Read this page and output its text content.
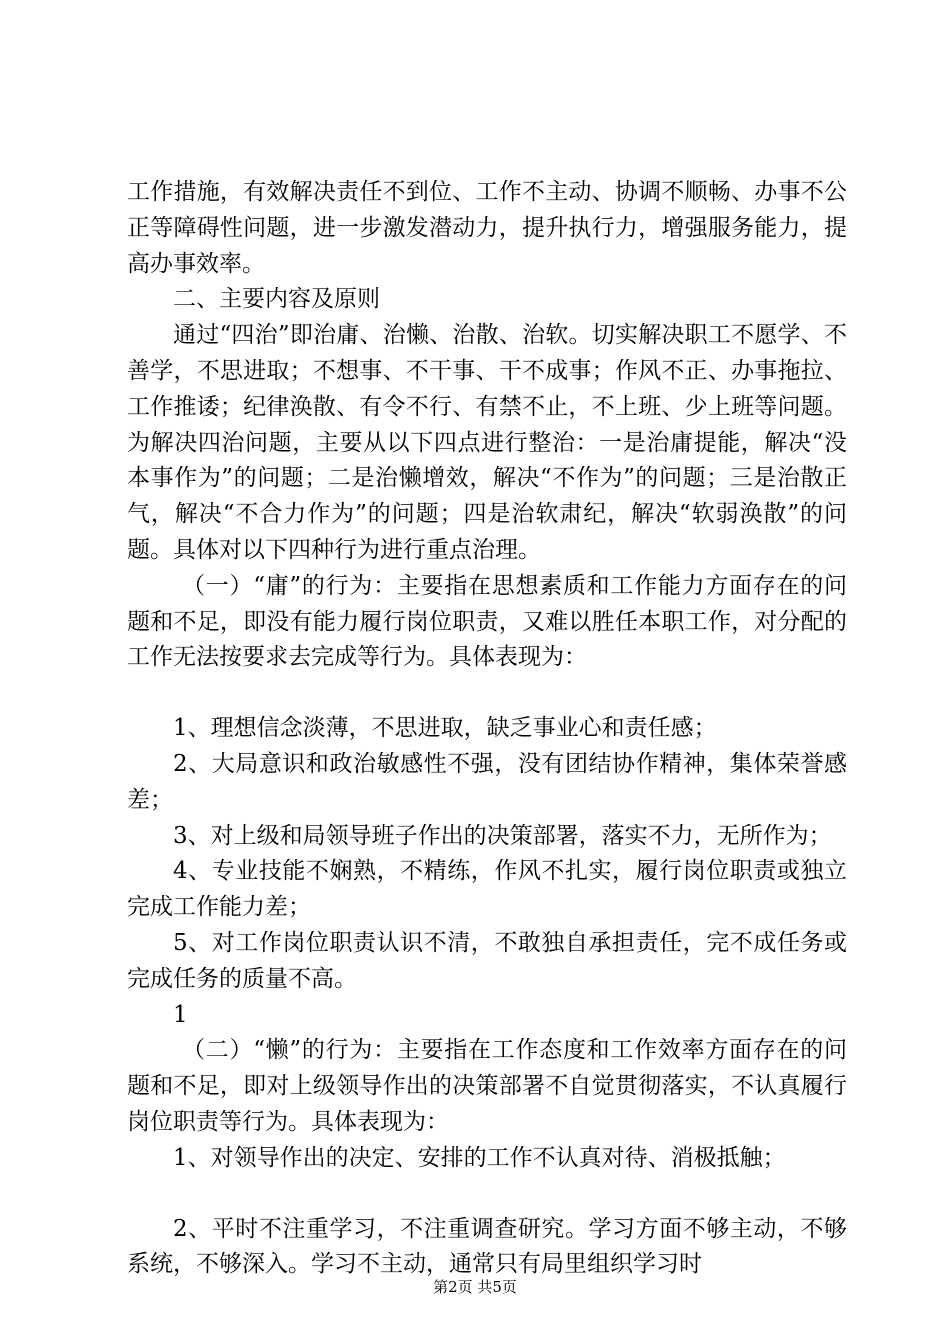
工作措施，有效解决责任不到位、工作不主动、协调不顺畅、办事不公正等障碍性问题，进一步激发潜动力，提升执行力，增强服务能力，提高办事效率。

二、主要内容及原则

通过“四治”即治庸、治懒、治散、治软。切实解决职工不愿学、不善学，不思进取；不想事、不干事、干不成事；作风不正、办事拖拉、工作推诿；纪律涣散、有令不行、有禁不止，不上班、少上班等问题。为解决四治问题，主要从以下四点进行整治：一是治庸提能，解决“没本事作为”的问题；二是治懒增效，解决“不作为”的问题；三是治散正气，解决“不合力作为”的问题；四是治软肃纪，解决“软弱涣散”的问题。具体对以下四种行为进行重点治理。

（一）“庸”的行为：主要指在思想素质和工作能力方面存在的问题和不足，即没有能力履行岗位职责，又难以胜任本职工作，对分配的工作无法按要求去完成等行为。具体表现为：

1、理想信念淡薄，不思进取，缺乏事业心和责任感；

2、大局意识和政治敏感性不强，没有团结协作精神，集体荣誉感差；

3、对上级和局领导班子作出的决策部署，落实不力，无所作为；

4、专业技能不娴熟，不精练，作风不扎实，履行岗位职责或独立完成工作能力差；

5、对工作岗位职责认识不清，不敢独自承担责任，完不成任务或完成任务的质量不高。

1

（二）“懒”的行为：主要指在工作态度和工作效率方面存在的问题和不足，即对上级领导作出的决策部署不自觉贯彻落实，不认真履行岗位职责等行为。具体表现为：

1、对领导作出的决定、安排的工作不认真对待、消极抵触；

2、平时不注重学习，不注重调查研究。学习方面不够主动，不够系统，不够深入。学习不主动，通常只有局里组织学习时

第2页 共5页
